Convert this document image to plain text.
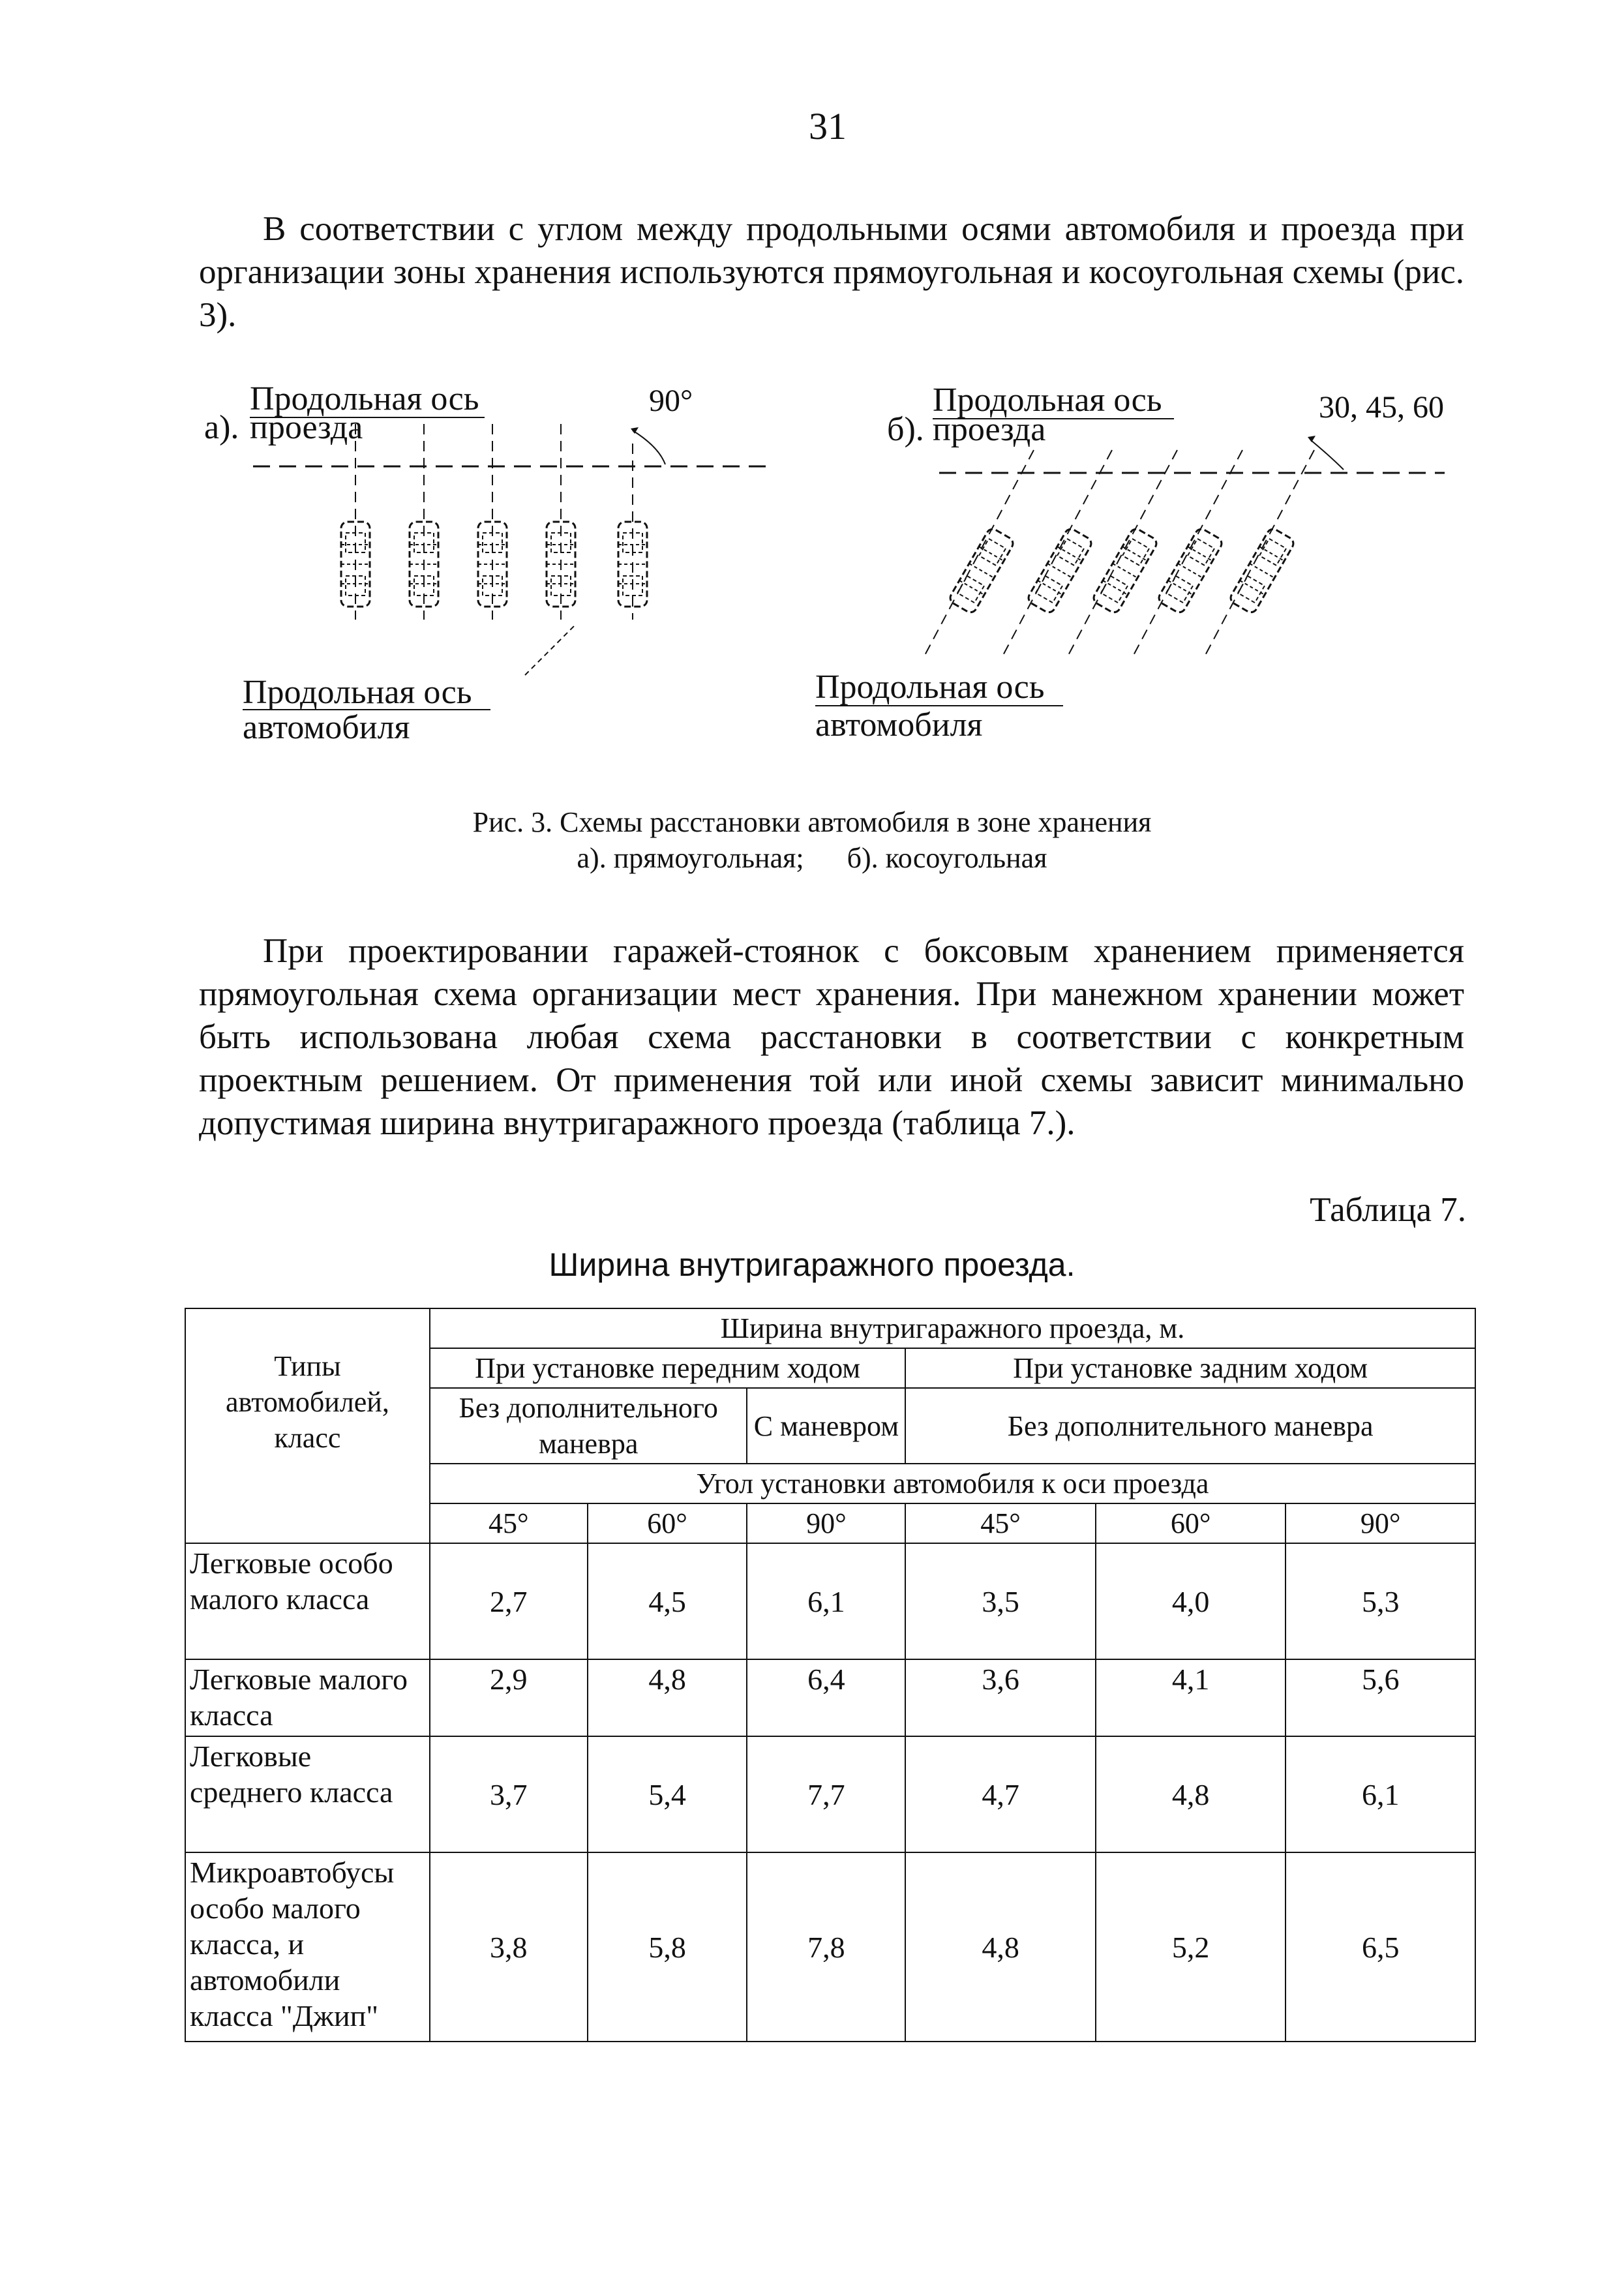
31
В соответствии с углом между продольными осями автомобиля и проезда при организации зоны хранения используются прямоугольная и косоугольная схемы (рис. 3).
а).
Продольная ось
проезда
90°
Продольная ось
автомобиля
б).
Продольная ось
проезда
30, 45, 60
Продольная ось
автомобиля
Рис. 3. Схемы расстановки автомобиля в зоне хранения
а). прямоугольная;      б). косоугольная
При проектировании гаражей-стоянок с боксовым хранением применяется прямоугольная схема организации мест хранения. При манежном хранении может быть использована любая схема расстановки в соответствии с конкретным проектным решением. От применения той или иной схемы зависит минимально допустимая ширина внутригаражного проезда (таблица 7.).
Таблица 7.
Ширина внутригаражного проезда.
Типы автомобилей, класс	Ширина внутригаражного проезда, м.					
	При установке передним ходом			При установке задним ходом		
	Без дополнительного маневра		С маневром	Без дополнительного маневра		
	Угол установки автомобиля к оси проезда					
	45°	60°	90°	45°	60°	90°
Легковые особо малого класса	2,7	4,5	6,1	3,5	4,0	5,3
Легковые малого класса	2,9	4,8	6,4	3,6	4,1	5,6
Легковые среднего класса	3,7	5,4	7,7	4,7	4,8	6,1
Микроавтобусы особо малого класса, и автомобили класса "Джип"	3,8	5,8	7,8	4,8	5,2	6,5
